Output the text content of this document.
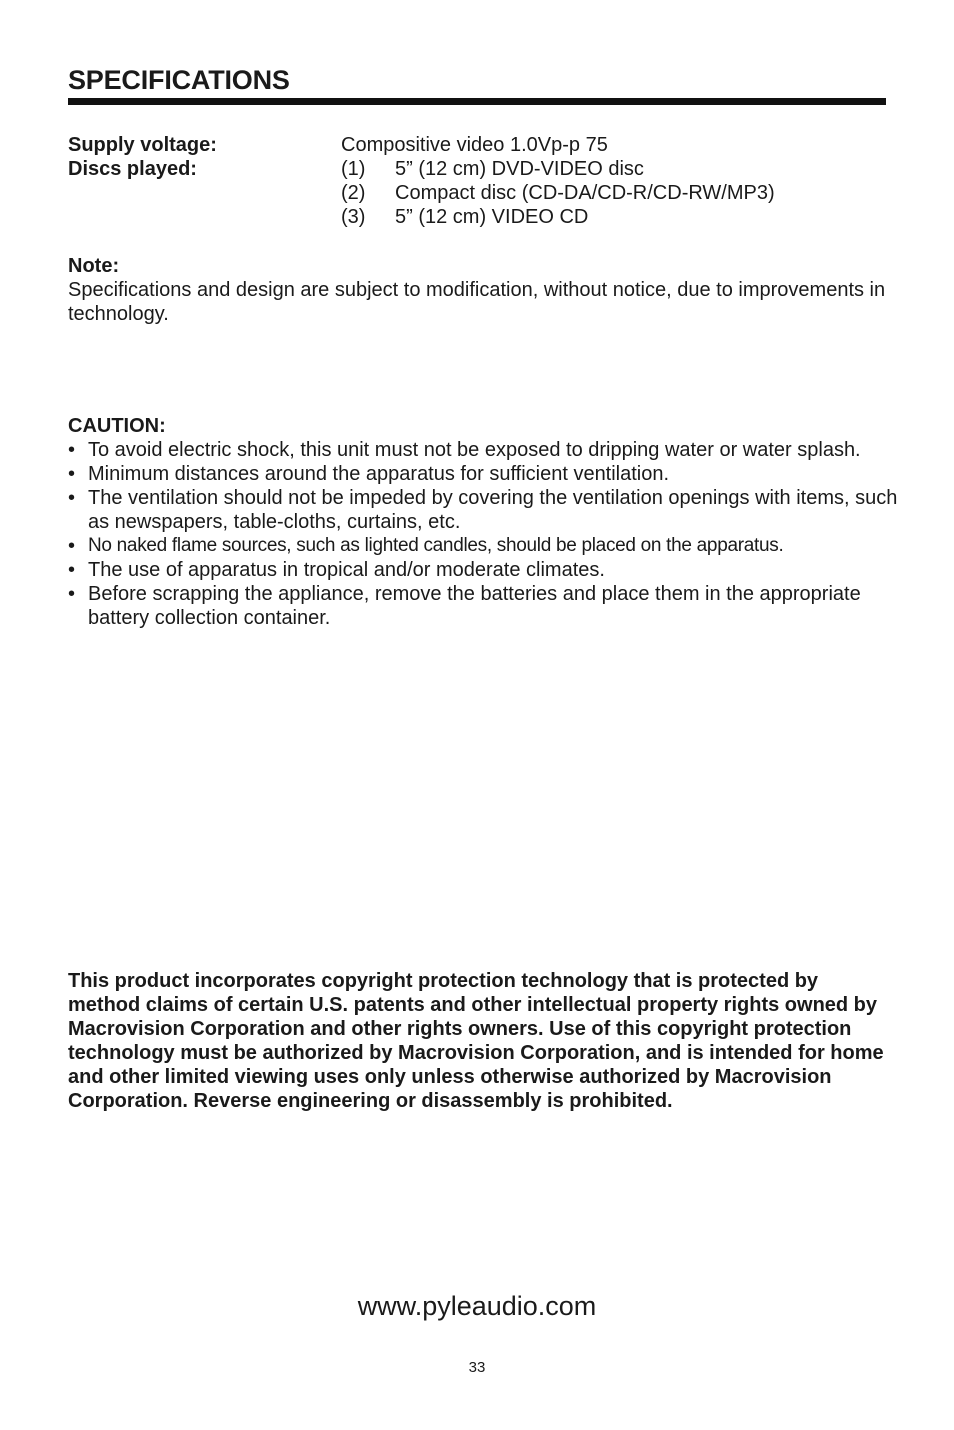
SPECIFICATIONS
Supply voltage:	Compositive video 1.0Vp-p 75
Discs played:	(1)	5” (12 cm) DVD-VIDEO disc
(2)	Compact disc (CD-DA/CD-R/CD-RW/MP3)
(3)	5” (12 cm) VIDEO CD
Note:
Specifications and design are subject to modification, without notice, due to improvements in technology.
CAUTION:
• To avoid electric shock, this unit must not be exposed to dripping water or water splash.
• Minimum distances around the apparatus for sufficient ventilation.
• The ventilation should not be impeded by covering the ventilation openings with items, such as newspapers, table-cloths, curtains, etc.
• No naked flame sources, such as lighted candles, should be placed on the apparatus.
• The use of apparatus in tropical and/or moderate climates.
• Before scrapping the appliance, remove the batteries and place them in the appropriate battery collection container.
This product incorporates copyright protection technology that is protected by method claims of certain U.S. patents and other intellectual property rights owned by Macrovision Corporation and other rights owners. Use of this copyright protection technology must be authorized by Macrovision Corporation, and is intended for home and other limited viewing uses only unless otherwise authorized by Macrovision Corporation. Reverse engineering or disassembly is prohibited.
www.pyleaudio.com
33
